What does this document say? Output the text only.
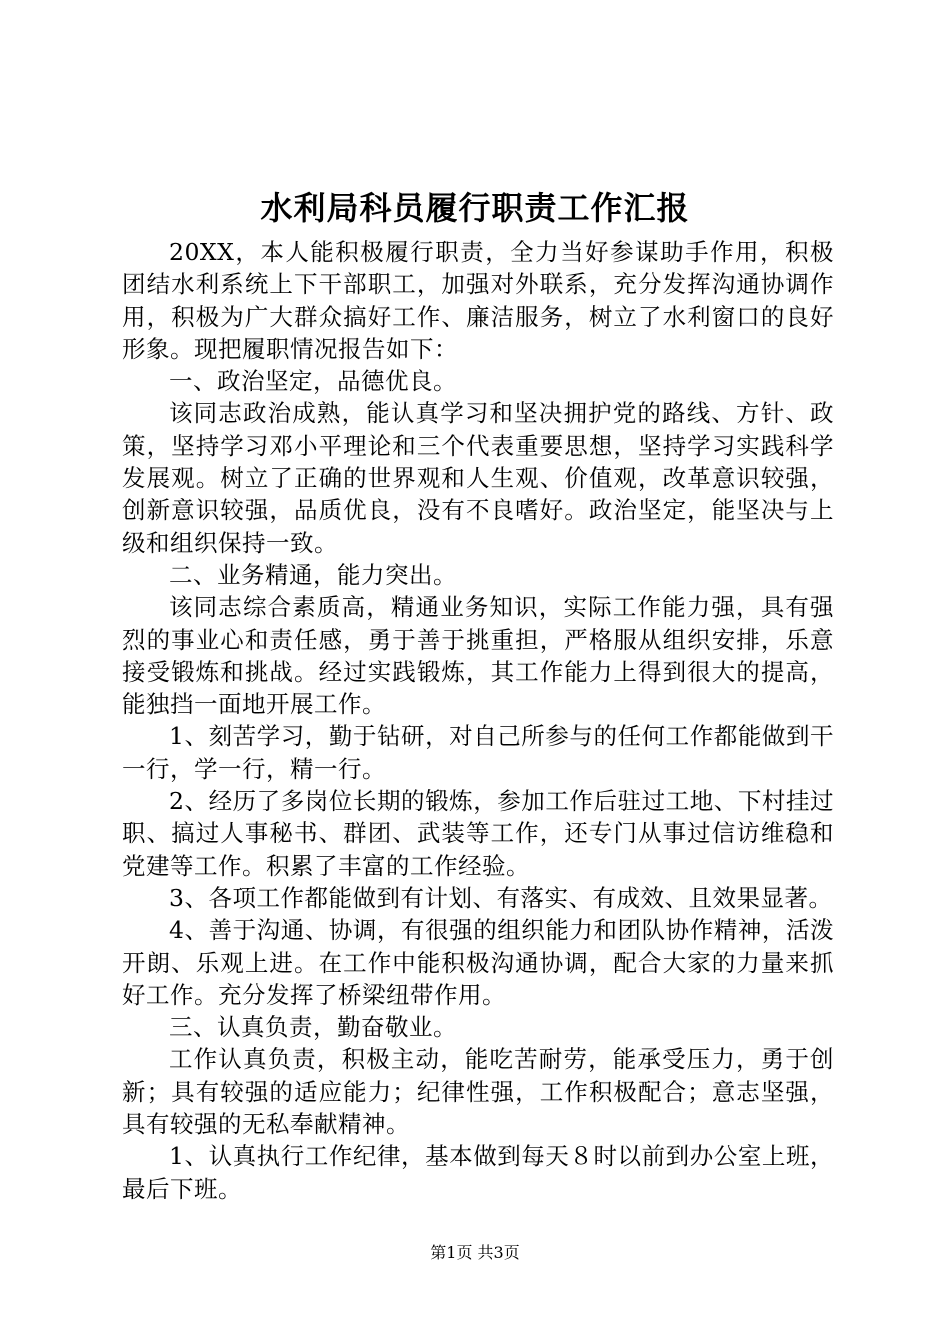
水利局科员履行职责工作汇报

20XX，本人能积极履行职责，全力当好参谋助手作用，积极团结水利系统上下干部职工，加强对外联系，充分发挥沟通协调作用，积极为广大群众搞好工作、廉洁服务，树立了水利窗口的良好形象。现把履职情况报告如下：

一、政治坚定，品德优良。

该同志政治成熟，能认真学习和坚决拥护党的路线、方针、政策，坚持学习邓小平理论和三个代表重要思想，坚持学习实践科学发展观。树立了正确的世界观和人生观、价值观，改革意识较强，创新意识较强，品质优良，没有不良嗜好。政治坚定，能坚决与上级和组织保持一致。

二、业务精通，能力突出。

该同志综合素质高，精通业务知识，实际工作能力强，具有强烈的事业心和责任感，勇于善于挑重担，严格服从组织安排，乐意接受锻炼和挑战。经过实践锻炼，其工作能力上得到很大的提高，能独挡一面地开展工作。

1、刻苦学习，勤于钻研，对自己所参与的任何工作都能做到干一行，学一行，精一行。

2、经历了多岗位长期的锻炼，参加工作后驻过工地、下村挂过职、搞过人事秘书、群团、武装等工作，还专门从事过信访维稳和党建等工作。积累了丰富的工作经验。

3、各项工作都能做到有计划、有落实、有成效、且效果显著。

4、善于沟通、协调，有很强的组织能力和团队协作精神，活泼开朗、乐观上进。在工作中能积极沟通协调，配合大家的力量来抓好工作。充分发挥了桥梁纽带作用。

三、认真负责，勤奋敬业。

工作认真负责，积极主动，能吃苦耐劳，能承受压力，勇于创新；具有较强的适应能力；纪律性强，工作积极配合；意志坚强，具有较强的无私奉献精神。

1、认真执行工作纪律，基本做到每天８时以前到办公室上班，最后下班。

第1页 共3页
